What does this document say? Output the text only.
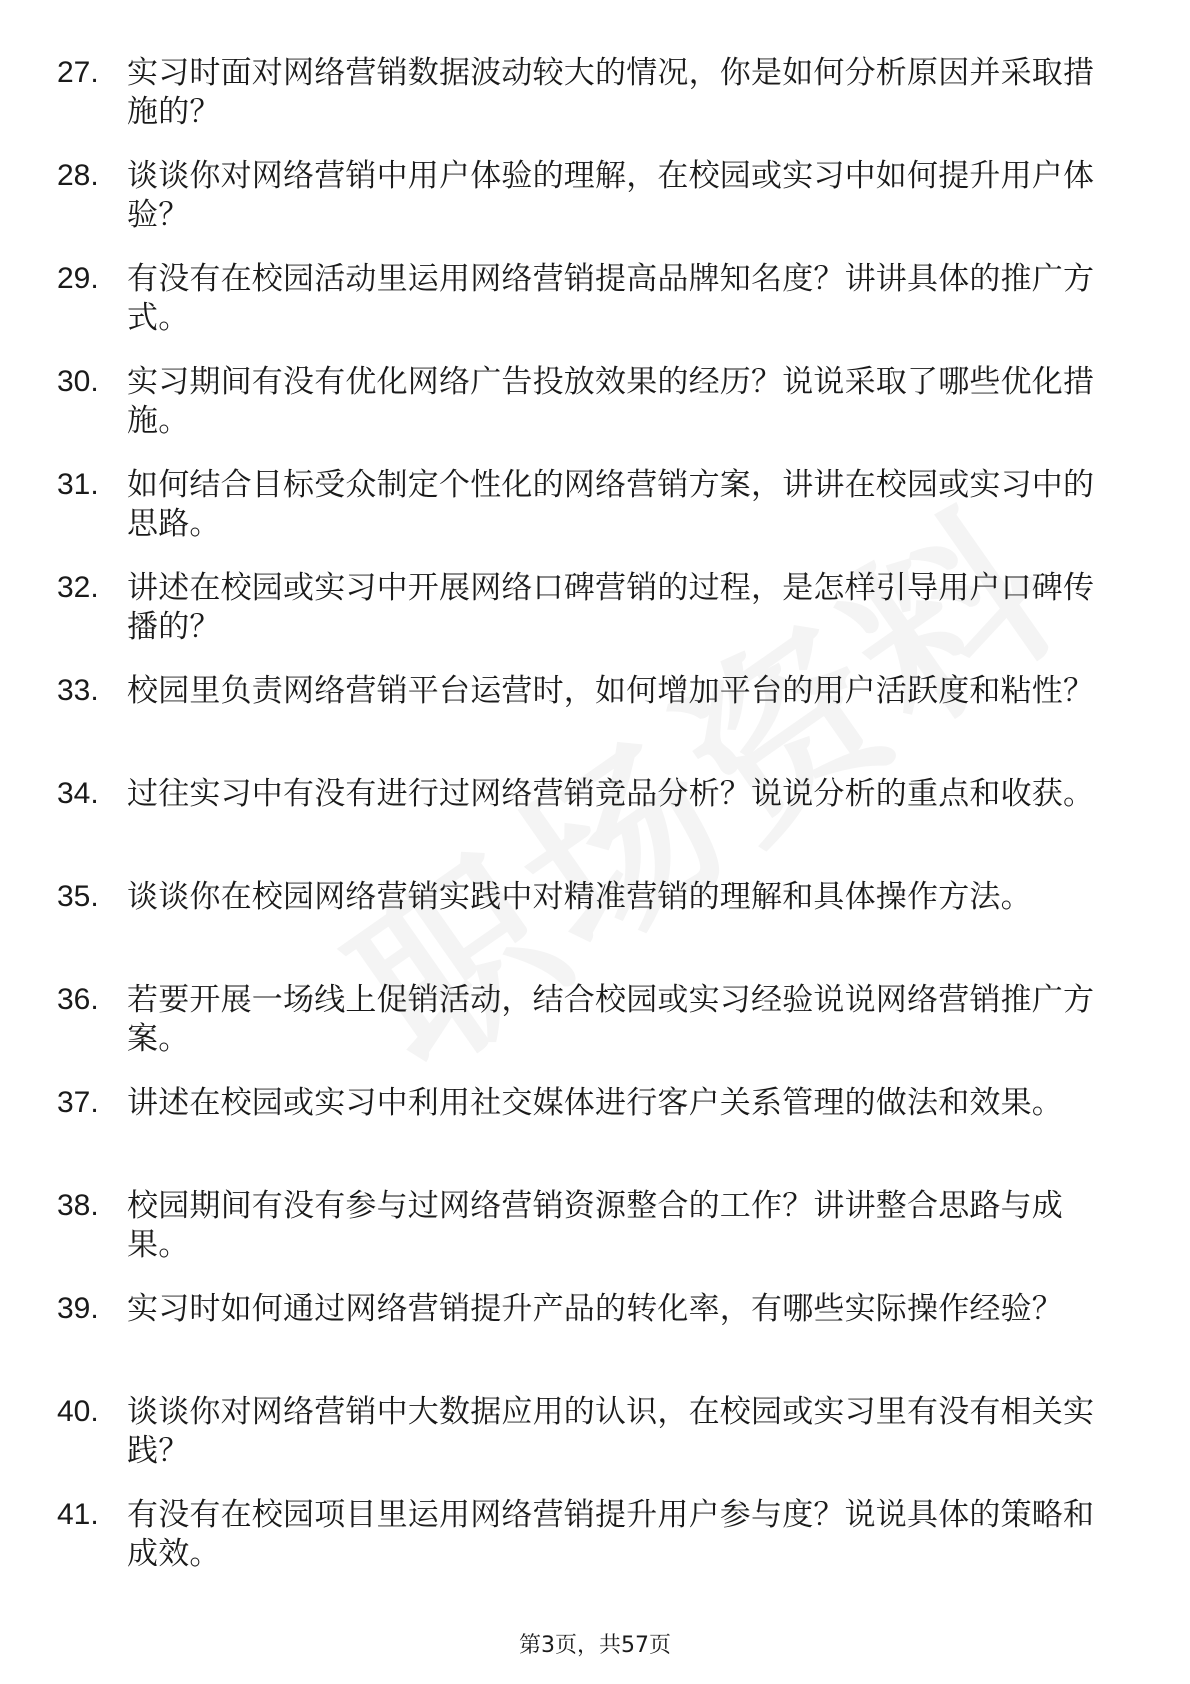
27. 实习时面对网络营销数据波动较大的情况，你是如何分析原因并采取措施的？
28. 谈谈你对网络营销中用户体验的理解，在校园或实习中如何提升用户体验？
29. 有没有在校园活动里运用网络营销提高品牌知名度？讲讲具体的推广方式。
30. 实习期间有没有优化网络广告投放效果的经历？说说采取了哪些优化措施。
31. 如何结合目标受众制定个性化的网络营销方案，讲讲在校园或实习中的思路。
32. 讲述在校园或实习中开展网络口碑营销的过程，是怎样引导用户口碑传播的？
33. 校园里负责网络营销平台运营时，如何增加平台的用户活跃度和粘性？
34. 过往实习中有没有进行过网络营销竞品分析？说说分析的重点和收获。
35. 谈谈你在校园网络营销实践中对精准营销的理解和具体操作方法。
36. 若要开展一场线上促销活动，结合校园或实习经验说说网络营销推广方案。
37. 讲述在校园或实习中利用社交媒体进行客户关系管理的做法和效果。
38. 校园期间有没有参与过网络营销资源整合的工作？讲讲整合思路与成果。
39. 实习时如何通过网络营销提升产品的转化率，有哪些实际操作经验？
40. 谈谈你对网络营销中大数据应用的认识，在校园或实习里有没有相关实践？
41. 有没有在校园项目里运用网络营销提升用户参与度？说说具体的策略和成效。
第3页，共57页
